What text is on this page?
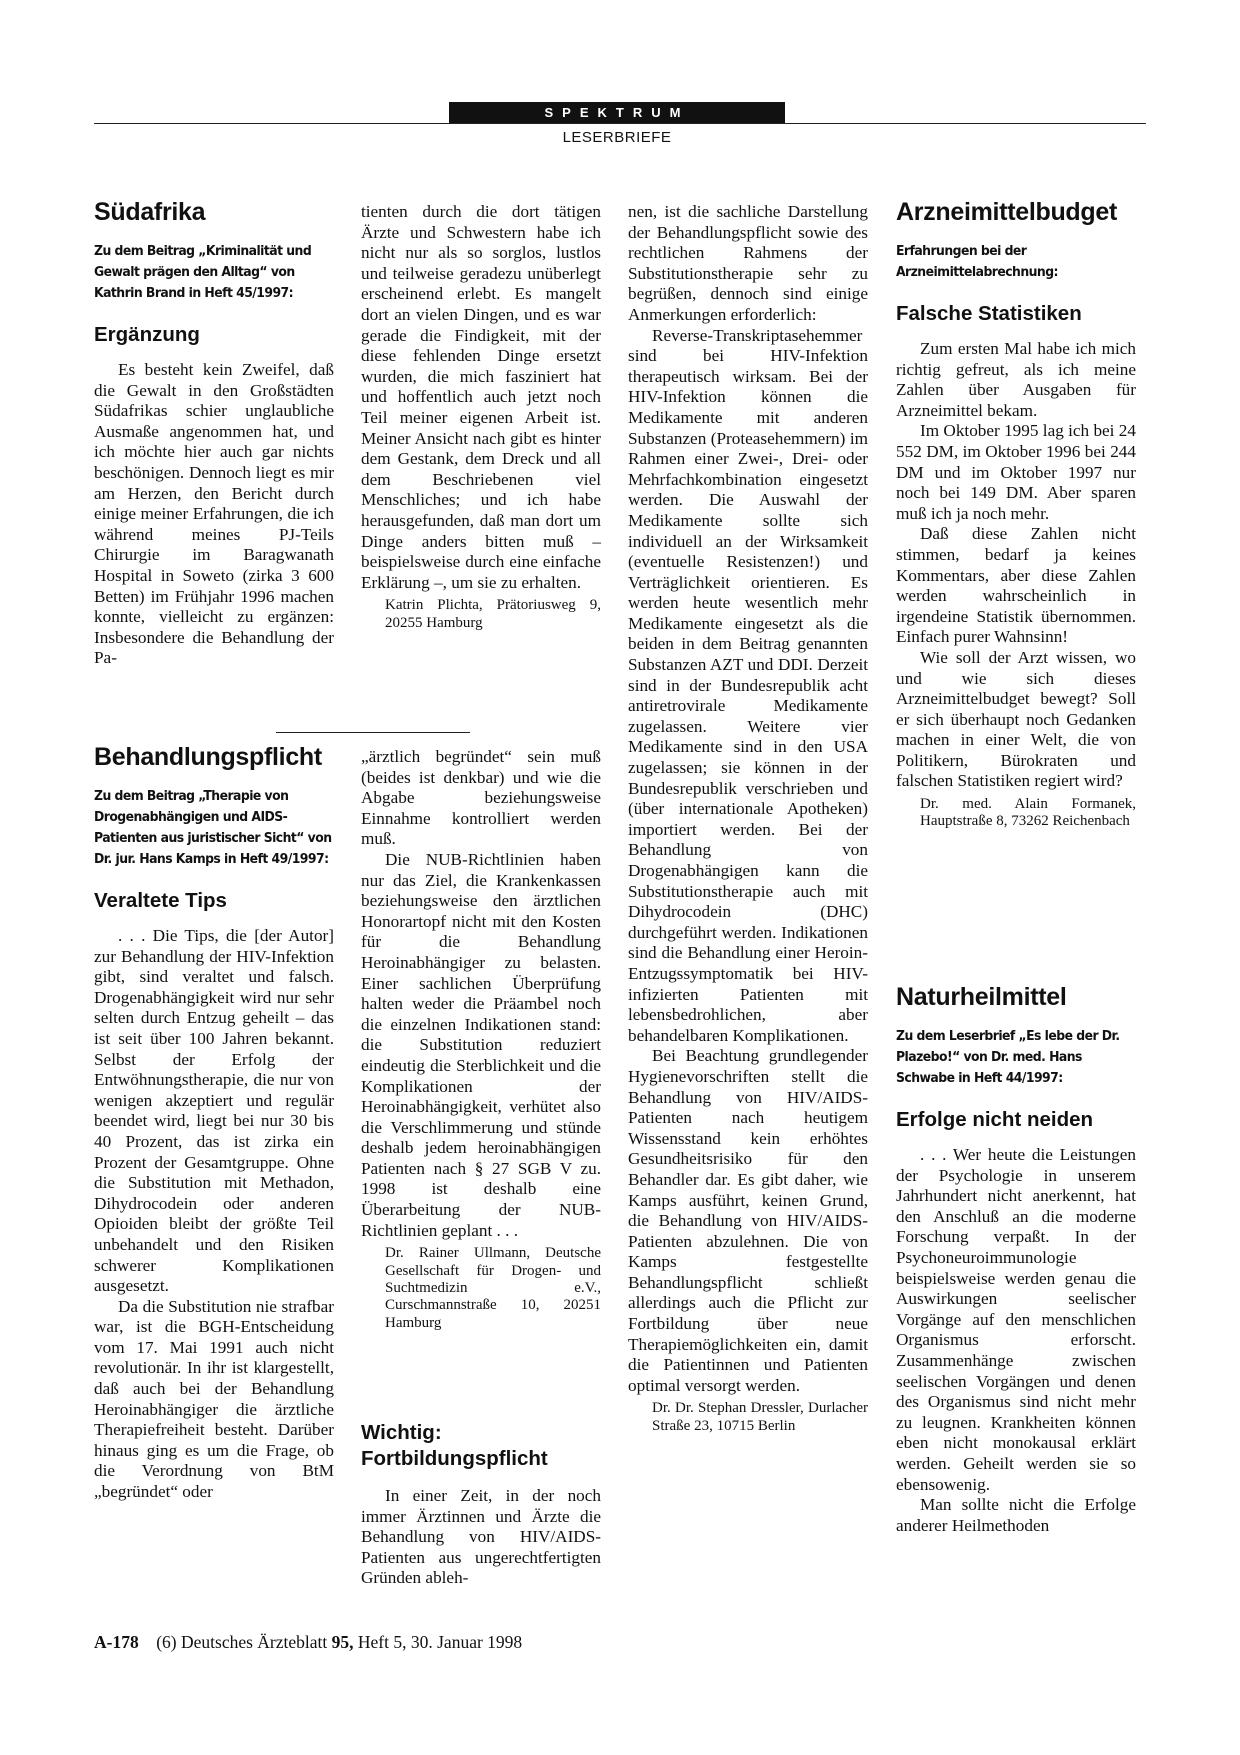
SPEKTRUM
LESERBRIEFE
Südafrika
Zu dem Beitrag „Kriminalität und Gewalt prägen den Alltag“ von Kathrin Brand in Heft 45/1997:
Ergänzung

Es besteht kein Zweifel, daß die Gewalt in den Großstädten Südafrikas schier unglaubliche Ausmaße angenommen hat, und ich möchte hier auch gar nichts beschönigen. Dennoch liegt es mir am Herzen, den Bericht durch einige meiner Erfahrungen, die ich während meines PJ-Teils Chirurgie im Baragwanath Hospital in Soweto (zirka 3 600 Betten) im Frühjahr 1996 machen konnte, vielleicht zu ergänzen: Insbesondere die Behandlung der Pa-

tienten durch die dort tätigen Ärzte und Schwestern habe ich nicht nur als so sorglos, lustlos und teilweise geradezu unüberlegt erscheinend erlebt. Es mangelt dort an vielen Dingen, und es war gerade die Findigkeit, mit der diese fehlenden Dinge ersetzt wurden, die mich fasziniert hat und hoffentlich auch jetzt noch Teil meiner eigenen Arbeit ist. Meiner Ansicht nach gibt es hinter dem Gestank, dem Dreck und all dem Beschriebenen viel Menschliches; und ich habe herausgefunden, daß man dort um Dinge anders bitten muß – beispielsweise durch eine einfache Erklärung –, um sie zu erhalten.

Katrin Plichta, Prätoriusweg 9, 20255 Hamburg

Behandlungspflicht
Zu dem Beitrag „Therapie von Drogenabhängigen und AIDS-Patienten aus juristischer Sicht“ von Dr. jur. Hans Kamps in Heft 49/1997:
Veraltete Tips

. . . Die Tips, die [der Autor] zur Behandlung der HIV-Infektion gibt, sind veraltet und falsch. Drogenabhängigkeit wird nur sehr selten durch Entzug geheilt – das ist seit über 100 Jahren bekannt. Selbst der Erfolg der Entwöhnungstherapie, die nur von wenigen akzeptiert und regulär beendet wird, liegt bei nur 30 bis 40 Prozent, das ist zirka ein Prozent der Gesamtgruppe. Ohne die Substitution mit Methadon, Dihydrocodein oder anderen Opioiden bleibt der größte Teil unbehandelt und den Risiken schwerer Komplikationen ausgesetzt.

Da die Substitution nie strafbar war, ist die BGH-Entscheidung vom 17. Mai 1991 auch nicht revolutionär. In ihr ist klargestellt, daß auch bei der Behandlung Heroinabhängiger die ärztliche Therapiefreiheit besteht. Darüber hinaus ging es um die Frage, ob die Verordnung von BtM „begründet“ oder

„ärztlich begründet“ sein muß (beides ist denkbar) und wie die Abgabe beziehungsweise Einnahme kontrolliert werden muß.

Die NUB-Richtlinien haben nur das Ziel, die Krankenkassen beziehungsweise den ärztlichen Honorartopf nicht mit den Kosten für die Behandlung Heroinabhängiger zu belasten. Einer sachlichen Überprüfung halten weder die Präambel noch die einzelnen Indikationen stand: die Substitution reduziert eindeutig die Sterblichkeit und die Komplikationen der Heroinabhängigkeit, verhütet also die Verschlimmerung und stünde deshalb jedem heroinabhängigen Patienten nach § 27 SGB V zu. 1998 ist deshalb eine Überarbeitung der NUB-Richtlinien geplant . . .

Dr. Rainer Ullmann, Deutsche Gesellschaft für Drogen- und Suchtmedizin e.V., Curschmannstraße 10, 20251 Hamburg

Wichtig: Fortbildungspflicht

In einer Zeit, in der noch immer Ärztinnen und Ärzte die Behandlung von HIV/AIDS-Patienten aus ungerechtfertigten Gründen ableh-

nen, ist die sachliche Darstellung der Behandlungspflicht sowie des rechtlichen Rahmens der Substitutionstherapie sehr zu begrüßen, dennoch sind einige Anmerkungen erforderlich:

Reverse-Transkriptasehemmer sind bei HIV-Infektion therapeutisch wirksam. Bei der HIV-Infektion können die Medikamente mit anderen Substanzen (Proteasehemmern) im Rahmen einer Zwei-, Drei- oder Mehrfachkombination eingesetzt werden. Die Auswahl der Medikamente sollte sich individuell an der Wirksamkeit (eventuelle Resistenzen!) und Verträglichkeit orientieren. Es werden heute wesentlich mehr Medikamente eingesetzt als die beiden in dem Beitrag genannten Substanzen AZT und DDI. Derzeit sind in der Bundesrepublik acht antiretrovirale Medikamente zugelassen. Weitere vier Medikamente sind in den USA zugelassen; sie können in der Bundesrepublik verschrieben und (über internationale Apotheken) importiert werden. Bei der Behandlung von Drogenabhängigen kann die Substitutionstherapie auch mit Dihydrocodein (DHC) durchgeführt werden. Indikationen sind die Behandlung einer Heroin-Entzugssymptomatik bei HIV-infizierten Patienten mit lebensbedrohlichen, aber behandelbaren Komplikationen.

Bei Beachtung grundlegender Hygienevorschriften stellt die Behandlung von HIV/AIDS-Patienten nach heutigem Wissensstand kein erhöhtes Gesundheitsrisiko für den Behandler dar. Es gibt daher, wie Kamps ausführt, keinen Grund, die Behandlung von HIV/AIDS-Patienten abzulehnen. Die von Kamps festgestellte Behandlungspflicht schließt allerdings auch die Pflicht zur Fortbildung über neue Therapiemöglichkeiten ein, damit die Patientinnen und Patienten optimal versorgt werden.

Dr. Dr. Stephan Dressler, Durlacher Straße 23, 10715 Berlin

Arzneimittelbudget
Erfahrungen bei der Arzneimittelabrechnung:
Falsche Statistiken

Zum ersten Mal habe ich mich richtig gefreut, als ich meine Zahlen über Ausgaben für Arzneimittel bekam.

Im Oktober 1995 lag ich bei 24 552 DM, im Oktober 1996 bei 244 DM und im Oktober 1997 nur noch bei 149 DM. Aber sparen muß ich ja noch mehr.

Daß diese Zahlen nicht stimmen, bedarf ja keines Kommentars, aber diese Zahlen werden wahrscheinlich in irgendeine Statistik übernommen. Einfach purer Wahnsinn!

Wie soll der Arzt wissen, wo und wie sich dieses Arzneimittelbudget bewegt? Soll er sich überhaupt noch Gedanken machen in einer Welt, die von Politikern, Bürokraten und falschen Statistiken regiert wird?

Dr. med. Alain Formanek, Hauptstraße 8, 73262 Reichenbach

Naturheilmittel
Zu dem Leserbrief „Es lebe der Dr. Plazebo!“ von Dr. med. Hans Schwabe in Heft 44/1997:
Erfolge nicht neiden

. . . Wer heute die Leistungen der Psychologie in unserem Jahrhundert nicht anerkennt, hat den Anschluß an die moderne Forschung verpaßt. In der Psychoneuroimmunologie beispielsweise werden genau die Auswirkungen seelischer Vorgänge auf den menschlichen Organismus erforscht. Zusammenhänge zwischen seelischen Vorgängen und denen des Organismus sind nicht mehr zu leugnen. Krankheiten können eben nicht monokausal erklärt werden. Geheilt werden sie so ebensowenig.

Man sollte nicht die Erfolge anderer Heilmethoden

A-178 (6) Deutsches Ärzteblatt 95, Heft 5, 30. Januar 1998
